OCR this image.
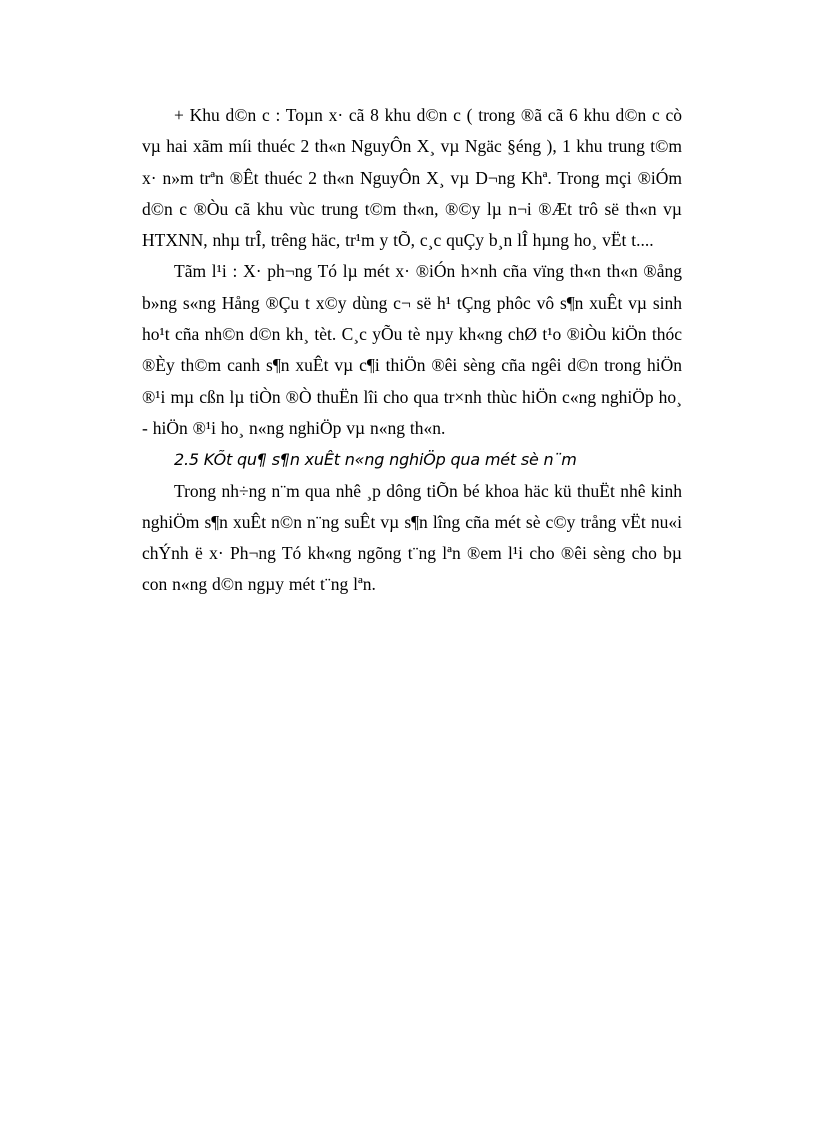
+ Khu d©n c : Toµn x· cã 8 khu d©n c ( trong ®ã cã 6 khu d©n c cò vµ hai xãm míi thuéc 2 th«n NguyÔn X¸ vµ Ngäc §éng ), 1 khu trung t©m x· n»m trªn ®Êt thuéc 2 th«n NguyÔn X¸ vµ D¬ng Khª. Trong mçi ®iÓm d©n c ®Òu cã khu vùc trung t©m th«n, ®©y lµ n¬i ®Æt trô së th«n vµ HTXNN, nhµ trÎ, trêng häc, tr¹m y tÕ, c¸c quÇy b¸n lÎ hµng ho¸ vËt t....

Tãm l¹i : X· ph¬ng Tó lµ mét x· ®iÓn h×nh cña vïng th«n th«n ®ång b»ng s«ng Hång ®Çu t x©y dùng c¬ së h¹ tÇng phôc vô s¶n xuÊt vµ sinh ho¹t cña nh©n d©n kh¸ tèt. C¸c yÕu tè nµy kh«ng chØ t¹o ®iÒu kiÖn thóc ®Èy th©m canh s¶n xuÊt vµ c¶i thiÖn ®êi sèng cña ngêi d©n trong hiÖn ®¹i mµ cßn lµ tiÒn ®Ò thuËn lîi cho qua tr×nh thùc hiÖn c«ng nghiÖp ho¸ - hiÖn ®¹i ho¸ n«ng nghiÖp vµ n«ng th«n.

2.5 KÕt qu¶ s¶n xuÊt n«ng nghiÖp qua mét sè n¨m

Trong nh÷ng n¨m qua nhê ¸p dông tiÕn bé khoa häc kü thuËt nhê kinh nghiÖm s¶n xuÊt n©n n¨ng suÊt vµ s¶n lîng cña mét sè c©y trång vËt nu«i chÝnh ë x· Ph¬ng Tó kh«ng ngõng t¨ng lªn ®em l¹i cho ®êi sèng cho bµ con n«ng d©n ngµy mét t¨ng lªn.
